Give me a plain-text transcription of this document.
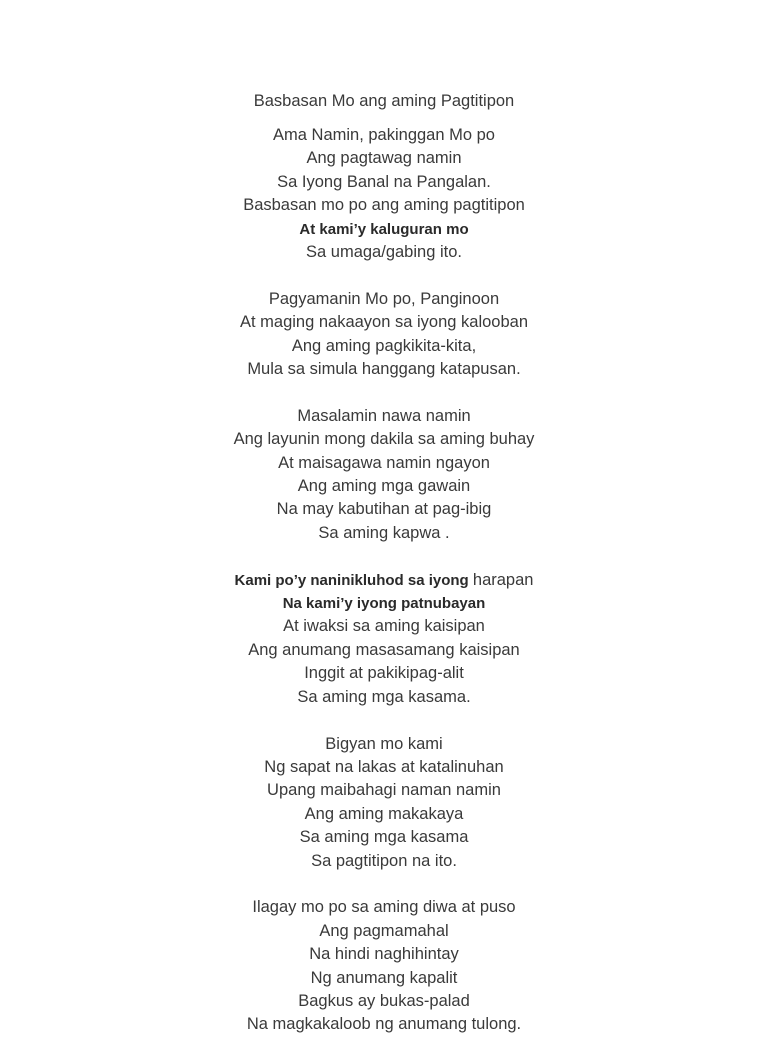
Basbasan Mo ang aming Pagtitipon
Ama Namin, pakinggan Mo po
Ang pagtawag namin
Sa Iyong Banal na Pangalan.
Basbasan mo po ang aming pagtitipon
At kami’y kaluguran mo
Sa umaga/gabing ito.
Pagyamanin Mo po, Panginoon
At maging nakaayon sa iyong kalooban
Ang aming pagkikita-kita,
Mula sa simula hanggang katapusan.
Masalamin nawa namin
Ang layunin mong dakila sa aming buhay
At maisagawa namin ngayon
Ang aming mga gawain
Na may kabutihan at pag-ibig
Sa aming kapwa .
Kami po’y naninikluhod sa iyong harapan
Na kami’y iyong patnubayan
At iwaksi sa aming kaisipan
Ang anumang masasamang kaisipan
Inggit at pakikipag-alit
Sa aming mga kasama.
Bigyan mo kami
Ng sapat na lakas at katalinuhan
Upang maibahagi naman namin
Ang aming makakaya
Sa aming mga kasama
Sa pagtitipon na ito.
Ilagay mo po sa aming diwa at puso
Ang pagmamahal
Na hindi naghihintay
Ng anumang kapalit
Bagkus ay bukas-palad
Na magkakaloob ng anumang tulong.
